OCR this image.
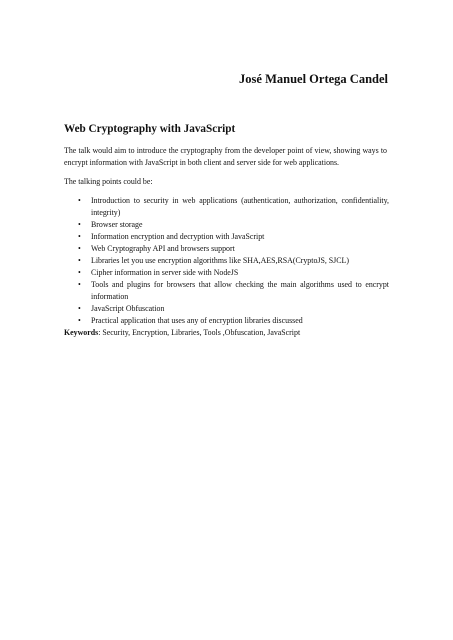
José Manuel Ortega Candel
Web Cryptography with JavaScript
The talk would aim to introduce the cryptography from the developer point of view, showing ways to encrypt information with JavaScript in both client and server side for web applications.
The talking points could be:
• Introduction to security in web applications (authentication, authorization, confidentiality, integrity)
• Browser storage
• Information encryption and decryption with JavaScript
• Web Cryptography API and browsers support
• Libraries let you use encryption algorithms like SHA,AES,RSA(CryptoJS, SJCL)
• Cipher information in server side with NodeJS
• Tools and plugins for browsers that allow checking the main algorithms used to encrypt information
• JavaScript Obfuscation
• Practical application that uses any of encryption libraries discussed
Keywords: Security, Encryption, Libraries, Tools ,Obfuscation, JavaScript
